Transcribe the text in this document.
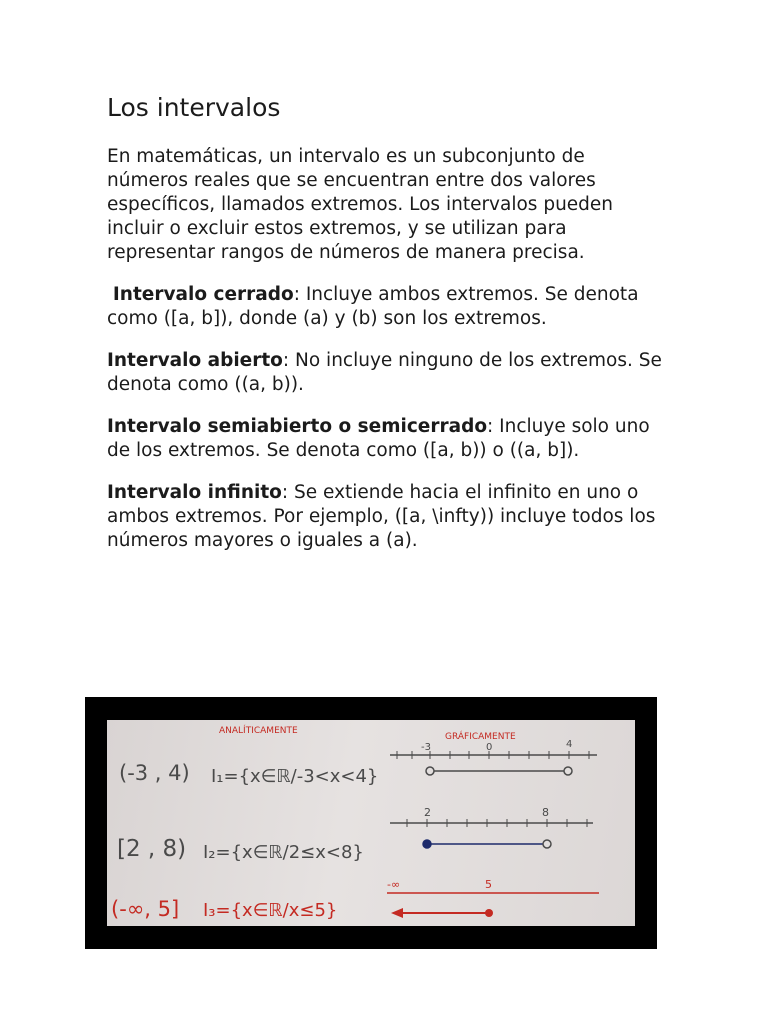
Los intervalos

En matemáticas, un intervalo es un subconjunto de números reales que se encuentran entre dos valores específicos, llamados extremos. Los intervalos pueden incluir o excluir estos extremos, y se utilizan para representar rangos de números de manera precisa.

Intervalo cerrado: Incluye ambos extremos. Se denota como ([a, b]), donde (a) y (b) son los extremos.

Intervalo abierto: No incluye ninguno de los extremos. Se denota como ((a, b)).

Intervalo semiabierto o semicerrado: Incluye solo uno de los extremos. Se denota como ([a, b)) o ((a, b]).

Intervalo infinito: Se extiende hacia el infinito en uno o ambos extremos. Por ejemplo, ([a, \infty)) incluye todos los números mayores o iguales a (a).

ANALÍTICAMENTE
GRÁFICAMENTE
(-3 , 4) I₁={x∈ℝ/-3<x<4}
-3	0	4
[2 , 8) I₂={x∈ℝ/2≤x<8}
2	8
(-∞, 5] I₃={x∈ℝ/x≤5}
-∞	5
